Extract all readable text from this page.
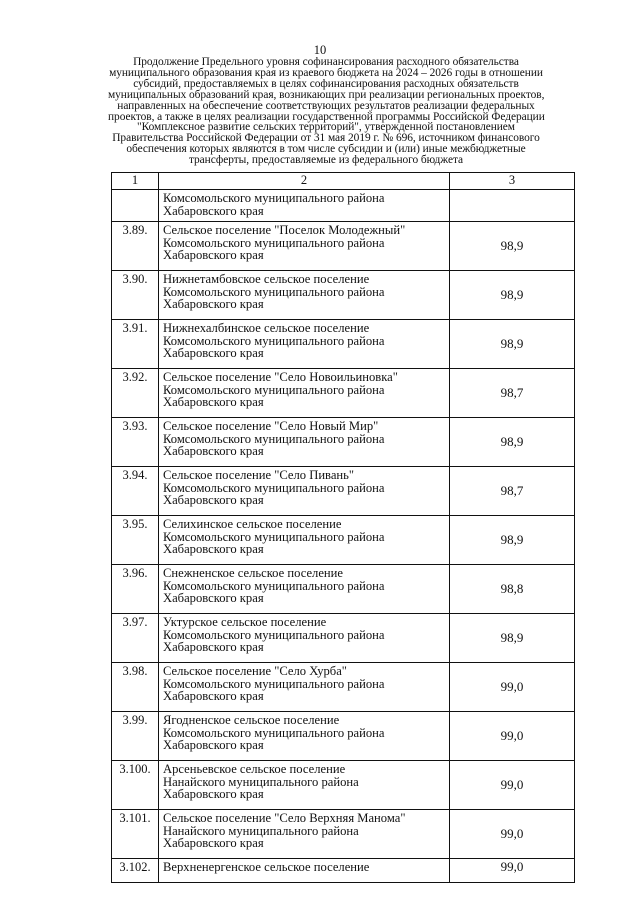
10
Продолжение Предельного уровня софинансирования расходного обязательства
муниципального образования края из краевого бюджета на 2024 – 2026 годы в отношении
субсидий, предоставляемых в целях софинансирования расходных обязательств
муниципальных образований края, возникающих при реализации региональных проектов,
направленных на обеспечение соответствующих результатов реализации федеральных
проектов, а также в целях реализации государственной программы Российской Федерации
"Комплексное развитие сельских территорий", утвержденной постановлением
Правительства Российской Федерации от 31 мая 2019 г. № 696, источником финансового
обеспечения которых являются в том числе субсидии и (или) иные межбюджетные
трансферты, предоставляемые из федерального бюджета
1	2	3

	Комсомольского муниципального района
Хабаровского края	

3.89.	Сельское поселение "Поселок Молодежный"
Комсомольского муниципального района
Хабаровского края	98,9
3.90.	Нижнетамбовское сельское поселение
Комсомольского муниципального района
Хабаровского края	98,9
3.91.	Нижнехалбинское сельское поселение
Комсомольского муниципального района
Хабаровского края	98,9
3.92.	Сельское поселение "Село Новоильиновка"
Комсомольского муниципального района
Хабаровского края	98,7
3.93.	Сельское поселение "Село Новый Мир"
Комсомольского муниципального района
Хабаровского края	98,9
3.94.	Сельское поселение "Село Пивань"
Комсомольского муниципального района
Хабаровского края	98,7
3.95.	Селихинское сельское поселение
Комсомольского муниципального района
Хабаровского края	98,9
3.96.	Снежненское сельское поселение
Комсомольского муниципального района
Хабаровского края	98,8
3.97.	Уктурское сельское поселение
Комсомольского муниципального района
Хабаровского края	98,9
3.98.	Сельское поселение "Село Хурба"
Комсомольского муниципального района
Хабаровского края	99,0
3.99.	Ягодненское сельское поселение
Комсомольского муниципального района
Хабаровского края	99,0
3.100.	Арсеньевское сельское поселение
Нанайского муниципального района
Хабаровского края	99,0
3.101.	Сельское поселение "Село Верхняя Манома"
Нанайского муниципального района
Хабаровского края	99,0
3.102.	Верхненергенское сельское поселение	99,0
